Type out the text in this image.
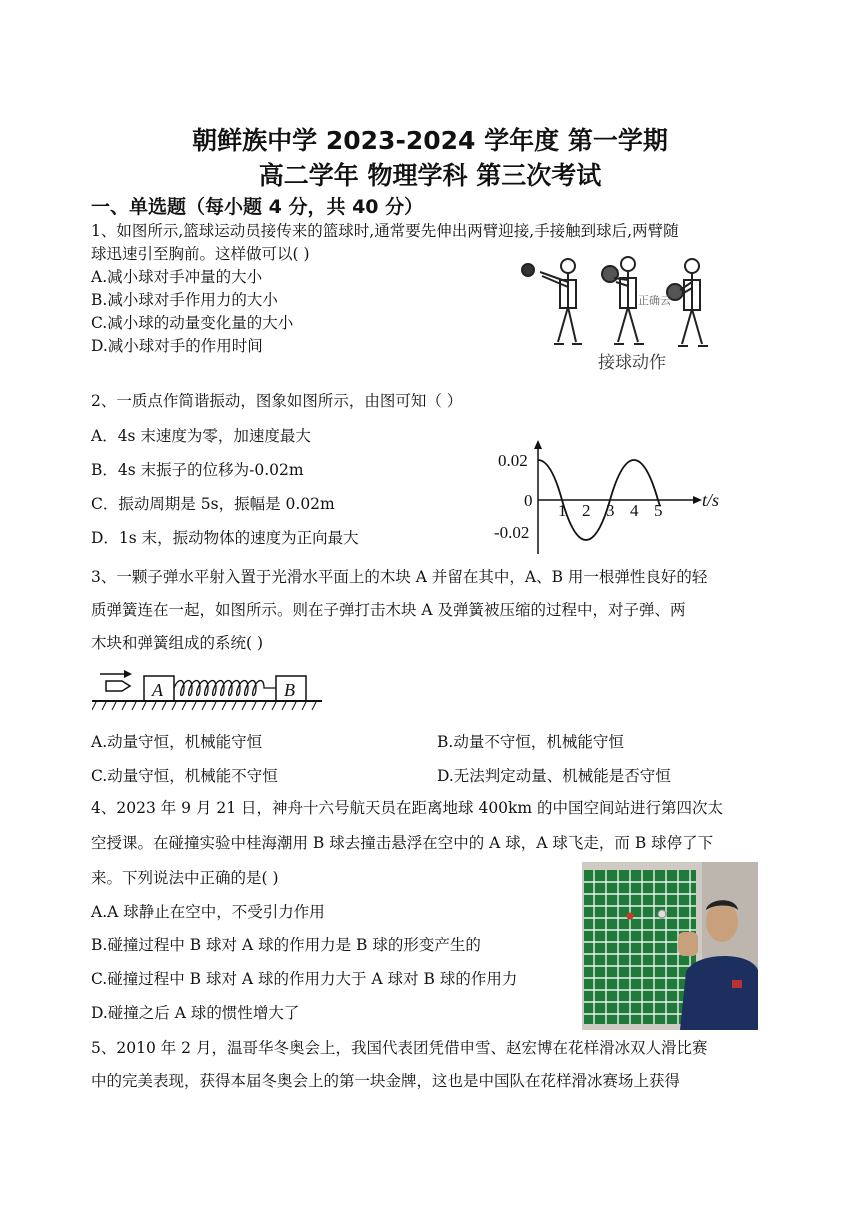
朝鲜族中学 2023-2024 学年度 第一学期
高二学年 物理学科 第三次考试
一、单选题（每小题 4 分，共 40 分）
1、如图所示,篮球运动员接传来的篮球时,通常要先伸出两臂迎接,手接触到球后,两臂随
球迅速引至胸前。这样做可以( )
A.减小球对手冲量的大小
B.减小球对手作用力的大小
C.减小球的动量变化量的大小
D.减小球对手的作用时间
接球动作
正确云
2、一质点作简谐振动，图象如图所示，由图可知（ ）
A．4s 末速度为零，加速度最大
B．4s 末振子的位移为-0.02m
C．振动周期是 5s，振幅是 0.02m
D．1s 末，振动物体的速度为正向最大
0.02
0
-0.02
1 2 3 4 5
t/s
3、一颗子弹水平射入置于光滑水平面上的木块 A 并留在其中，A、B 用一根弹性良好的轻
质弹簧连在一起，如图所示。则在子弹打击木块 A 及弹簧被压缩的过程中，对子弹、两
木块和弹簧组成的系统( )
A	B
A.动量守恒，机械能守恒	B.动量不守恒，机械能守恒
C.动量守恒，机械能不守恒	D.无法判定动量、机械能是否守恒
4、2023 年 9 月 21 日，神舟十六号航天员在距离地球 400km 的中国空间站进行第四次太
空授课。在碰撞实验中桂海潮用 B 球去撞击悬浮在空中的 A 球，A 球飞走，而 B 球停了下
来。下列说法中正确的是( )
A.A 球静止在空中，不受引力作用
B.碰撞过程中 B 球对 A 球的作用力是 B 球的形变产生的
C.碰撞过程中 B 球对 A 球的作用力大于 A 球对 B 球的作用力
D.碰撞之后 A 球的惯性增大了
5、2010 年 2 月，温哥华冬奥会上，我国代表团凭借申雪、赵宏博在花样滑冰双人滑比赛
中的完美表现，获得本届冬奥会上的第一块金牌，这也是中国队在花样滑冰赛场上获得
